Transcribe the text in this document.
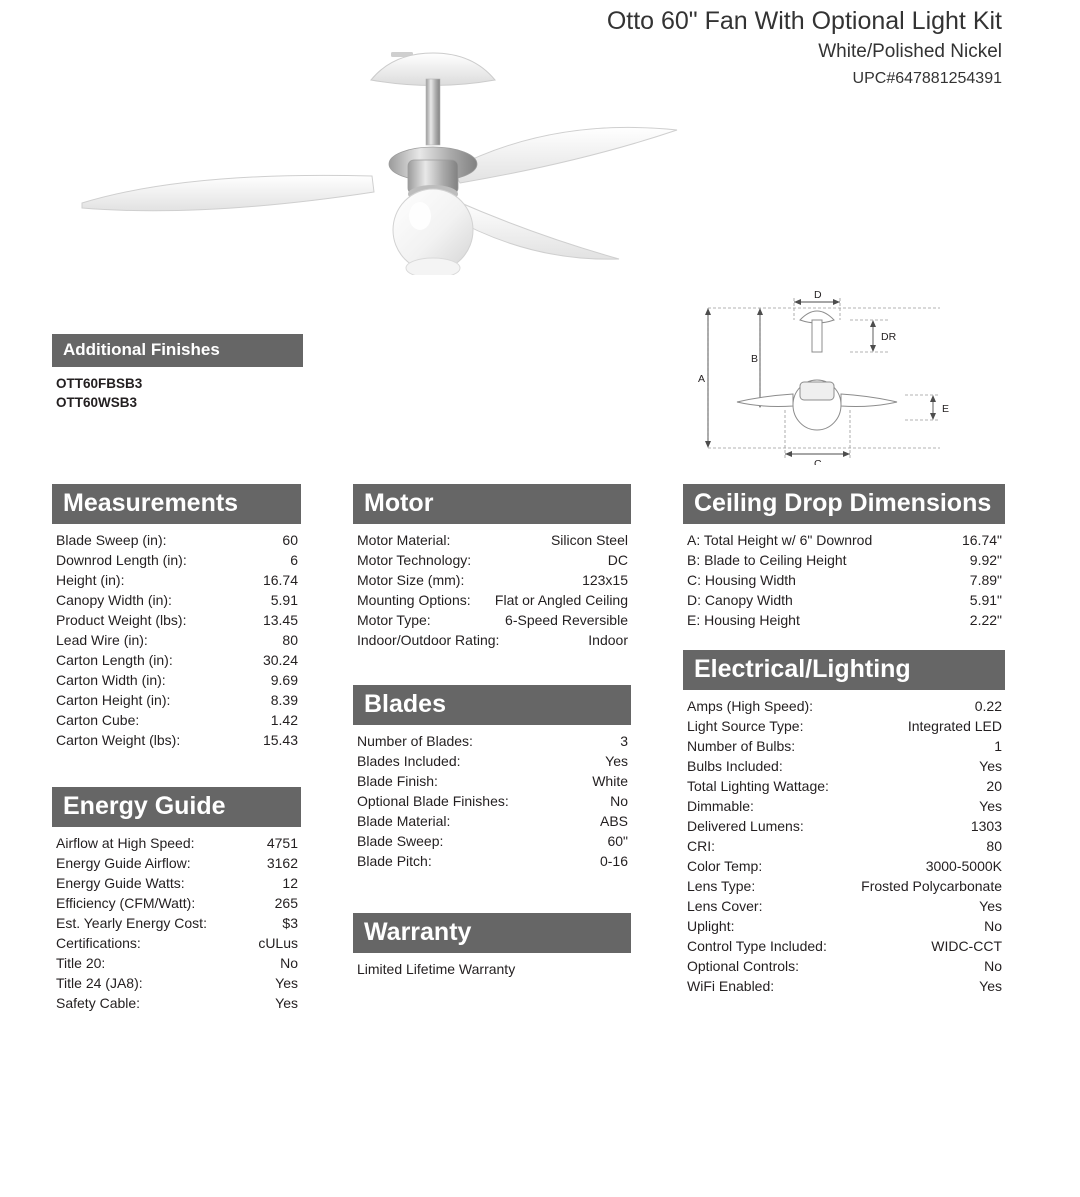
Otto 60" Fan With Optional Light Kit
White/Polished Nickel
UPC#647881254391
A
B
C
D
DR
E
Additional Finishes
OTT60FBSB3
OTT60WSB3
Measurements
Blade Sweep (in):	60
Downrod Length (in):	6
Height (in):	16.74
Canopy Width (in):	5.91
Product Weight (lbs):	13.45
Lead Wire (in):	80
Carton Length (in):	30.24
Carton Width (in):	9.69
Carton Height (in):	8.39
Carton Cube:	1.42
Carton Weight (lbs):	15.43
Energy Guide
Airflow at High Speed:	4751
Energy Guide Airflow:	3162
Energy Guide Watts:	12
Efficiency (CFM/Watt):	265
Est. Yearly Energy Cost:	$3
Certifications:	cULus
Title 20:	No
Title 24 (JA8):	Yes
Safety Cable:	Yes
Motor
Motor Material:	Silicon Steel
Motor Technology:	DC
Motor Size (mm):	123x15
Mounting Options: Flat or Angled Ceiling
Motor Type:	6-Speed Reversible
Indoor/Outdoor Rating:	Indoor
Blades
Number of Blades:	3
Blades Included:	Yes
Blade Finish:	White
Optional Blade Finishes:	No
Blade Material:	ABS
Blade Sweep:	60"
Blade Pitch:	0-16
Warranty
Limited Lifetime Warranty
Ceiling Drop Dimensions
A: Total Height w/ 6" Downrod	16.74"
B: Blade to Ceiling Height	9.92"
C: Housing Width	7.89"
D: Canopy Width	5.91"
E: Housing Height	2.22"
Electrical/Lighting
Amps (High Speed):	0.22
Light Source Type:	Integrated LED
Number of Bulbs:	1
Bulbs Included:	Yes
Total Lighting Wattage:	20
Dimmable:	Yes
Delivered Lumens:	1303
CRI:	80
Color Temp:	3000-5000K
Lens Type:	Frosted Polycarbonate
Lens Cover:	Yes
Uplight:	No
Control Type Included:	WIDC-CCT
Optional Controls:	No
WiFi Enabled:	Yes
